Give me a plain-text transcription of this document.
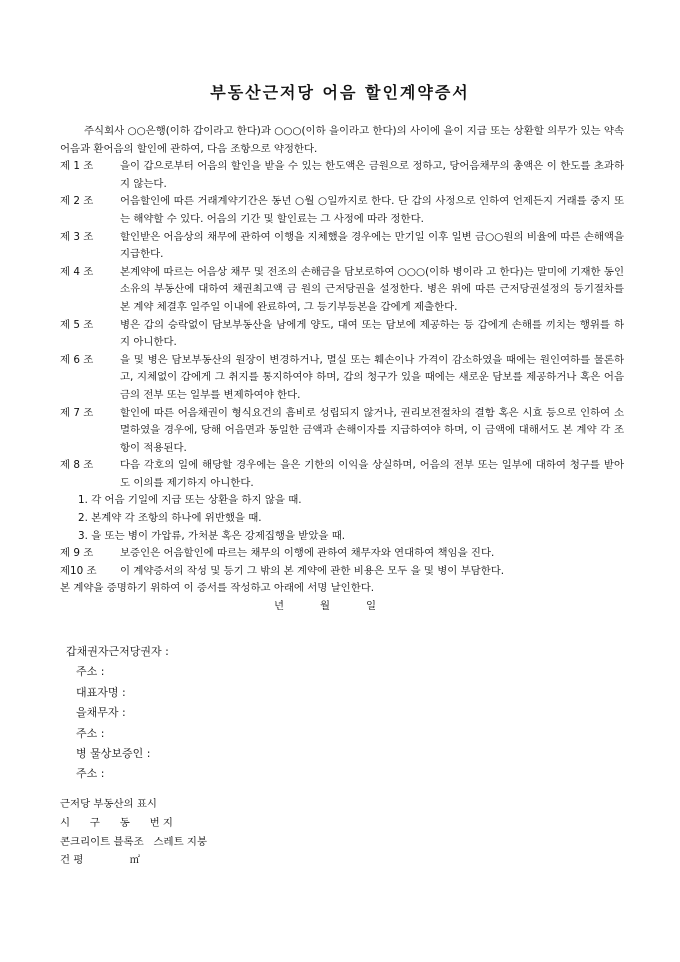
부동산근저당 어음 할인계약증서

주식회사 ○○은행(이하 갑이라고 한다)과 ○○○(이하 을이라고 한다)의 사이에 을이 지급 또는 상환할 의무가 있는 약속어음과 환어음의 할인에 관하여, 다음 조항으로 약정한다.

제 1 조	을이 갑으로부터 어음의 할인을 받을 수 있는 한도액은 금원으로 정하고, 당어음채무의 총액은 이 한도를 초과하지 않는다.

제 2 조	어음할인에 따른 거래계약기간은 동년 ○월 ○일까지로 한다. 단 갑의 사정으로 인하여 언제든지 거래를 중지 또는 해약할 수 있다. 어음의 기간 및 할인료는 그 사정에 따라 정한다.

제 3 조	할인받은 어음상의 채무에 관하여 이행을 지체했을 경우에는 만기일 이후 일변 금○○원의 비율에 따른 손해액을 지급한다.

제 4 조	본계약에 따르는 어음상 채무 및 전조의 손해금을 담보로하여 ○○○(이하 병이라 고 한다)는 말미에 기재한 동인소유의 부동산에 대하여 채권최고액 금 원의 근저당권을 설정한다. 병은 위에 따른 근저당권설정의 등기절차를 본 계약 체결후 일주일 이내에 완료하여, 그 등기부등본을 갑에게 제출한다.

제 5 조	병은 갑의 승락없이 담보부동산을 남에게 양도, 대여 또는 담보에 제공하는 등 갑에게 손해를 끼치는 행위를 하지 아니한다.

제 6 조	을 및 병은 담보부동산의 원장이 변경하거나, 멸실 또는 훼손이나 가격이 감소하였을 때에는 원인여하를 물론하고, 지체없이 갑에게 그 취지를 통지하여야 하며, 갑의 청구가 있을 때에는 새로운 담보를 제공하거나 혹은 어음금의 전부 또는 일부를 변제하여야 한다.

제 7 조	할인에 따른 어음채권이 형식요건의 흠비로 성립되지 않거나, 권리보전절차의 결함 혹은 시효 등으로 인하여 소멸하였을 경우에, 당해 어음면과 동일한 금액과 손해이자를 지급하여야 하며, 이 금액에 대해서도 본 계약 각 조항이 적용된다.

제 8 조	다음 각호의 일에 해당할 경우에는 을은 기한의 이익을 상실하며, 어음의 전부 또는 일부에 대하여 청구를 받아도 이의를 제기하지 아니한다.

1. 각 어음 기일에 지급 또는 상환을 하지 않을 때.

2. 본계약 각 조항의 하나에 위반했을 때.

3. 을 또는 병이 가압류, 가처분 혹은 강제집행을 받았을 때.

제 9 조	보증인은 어음할인에 따르는 채무의 이행에 관하여 채무자와 연대하여 책임을 진다.

제10 조	이 계약증서의 작성 및 등기 그 밖의 본 계약에 관한 비용은 모두 을 및 병이 부담한다.

본 계약을 증명하기 위하여 이 증서를 작성하고 아래에 서명 날인한다.

년	월	일

갑채권자근저당권자 :
주소 :
대표자명 :
을채무자 :
주소 :
병 물상보증인 :
주소 :
근저당 부동산의 표시
시      구      동      번 지
콘크리이트 블록조   스레트 지붕
건 평              ㎡
